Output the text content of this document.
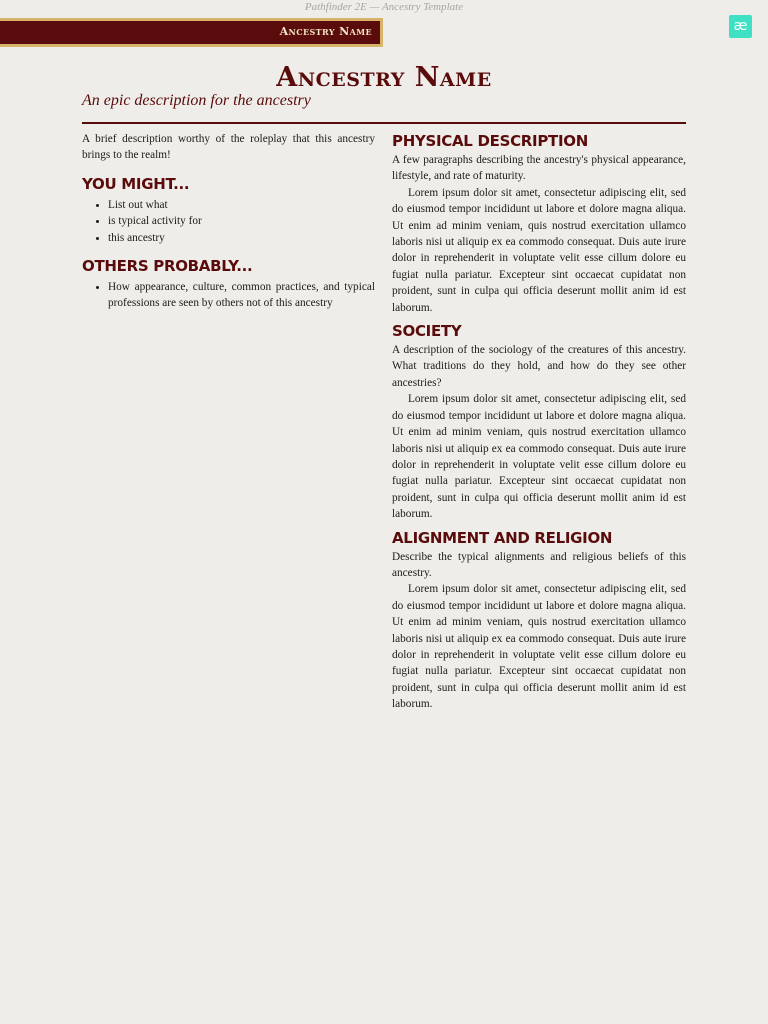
Pathfinder 2E — Ancestry Template
Ancestry Name	æ
Ancestry Name
An epic description for the ancestry

A brief description worthy of the roleplay that this ancestry brings to the realm!

YOU MIGHT...
• List out what
• is typical activity for
• this ancestry
OTHERS PROBABLY...
• How appearance, culture, common practices, and typical professions are seen by others not of this ancestry
PHYSICAL DESCRIPTION

A few paragraphs describing the ancestry's physical appearance, lifestyle, and rate of maturity.

Lorem ipsum dolor sit amet, consectetur adipiscing elit, sed do eiusmod tempor incididunt ut labore et dolore magna aliqua. Ut enim ad minim veniam, quis nostrud exercitation ullamco laboris nisi ut aliquip ex ea commodo consequat. Duis aute irure dolor in reprehenderit in voluptate velit esse cillum dolore eu fugiat nulla pariatur. Excepteur sint occaecat cupidatat non proident, sunt in culpa qui officia deserunt mollit anim id est laborum.

SOCIETY

A description of the sociology of the creatures of this ancestry. What traditions do they hold, and how do they see other ancestries?

Lorem ipsum dolor sit amet, consectetur adipiscing elit, sed do eiusmod tempor incididunt ut labore et dolore magna aliqua. Ut enim ad minim veniam, quis nostrud exercitation ullamco laboris nisi ut aliquip ex ea commodo consequat. Duis aute irure dolor in reprehenderit in voluptate velit esse cillum dolore eu fugiat nulla pariatur. Excepteur sint occaecat cupidatat non proident, sunt in culpa qui officia deserunt mollit anim id est laborum.

ALIGNMENT AND RELIGION

Describe the typical alignments and religious beliefs of this ancestry.

Lorem ipsum dolor sit amet, consectetur adipiscing elit, sed do eiusmod tempor incididunt ut labore et dolore magna aliqua. Ut enim ad minim veniam, quis nostrud exercitation ullamco laboris nisi ut aliquip ex ea commodo consequat. Duis aute irure dolor in reprehenderit in voluptate velit esse cillum dolore eu fugiat nulla pariatur. Excepteur sint occaecat cupidatat non proident, sunt in culpa qui officia deserunt mollit anim id est laborum.
